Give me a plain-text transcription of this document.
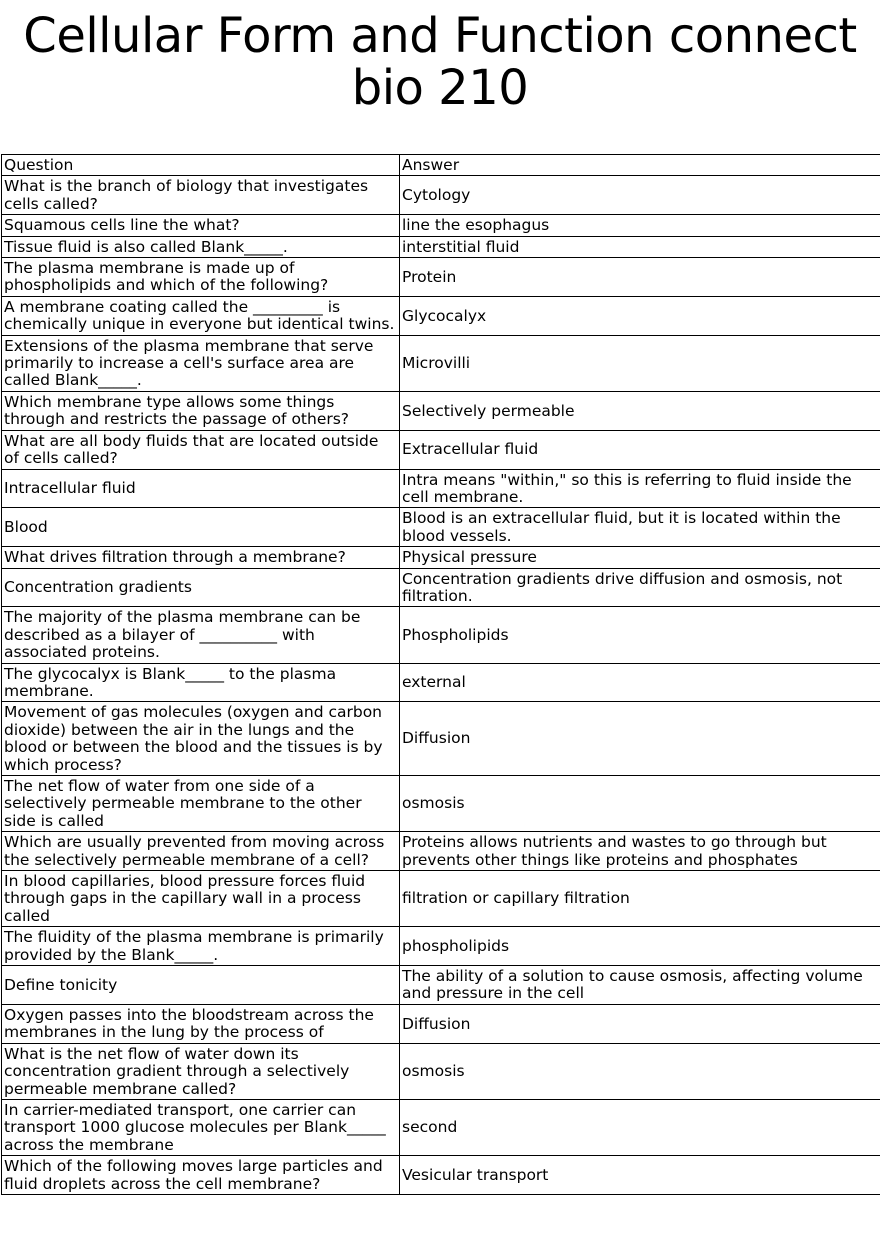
Cellular Form and Function connect
bio 210
Question	Answer
What is the branch of biology that investigates cells called?	Cytology
Squamous cells line the what?	line the esophagus
Tissue fluid is also called Blank_____.	interstitial fluid
The plasma membrane is made up of phospholipids and which of the following?	Protein
A membrane coating called the _________ is chemically unique in everyone but identical twins.	Glycocalyx
Extensions of the plasma membrane that serve primarily to increase a cell's surface area are called Blank_____.	Microvilli
Which membrane type allows some things through and restricts the passage of others?	Selectively permeable
What are all body fluids that are located outside of cells called?	Extracellular fluid
Intracellular fluid	Intra means "within," so this is referring to fluid inside the cell membrane.
Blood	Blood is an extracellular fluid, but it is located within the blood vessels.
What drives filtration through a membrane?	Physical pressure
Concentration gradients	Concentration gradients drive diffusion and osmosis, not filtration.
The majority of the plasma membrane can be described as a bilayer of __________ with associated proteins.	Phospholipids
The glycocalyx is Blank_____ to the plasma membrane.	external
Movement of gas molecules (oxygen and carbon dioxide) between the air in the lungs and the blood or between the blood and the tissues is by which process?	Diffusion
The net flow of water from one side of a selectively permeable membrane to the other side is called	osmosis
Which are usually prevented from moving across the selectively permeable membrane of a cell?	Proteins allows nutrients and wastes to go through but prevents other things like proteins and phosphates
In blood capillaries, blood pressure forces fluid through gaps in the capillary wall in a process called	filtration or capillary filtration
The fluidity of the plasma membrane is primarily provided by the Blank_____.	phospholipids
Define tonicity	The ability of a solution to cause osmosis, affecting volume and pressure in the cell
Oxygen passes into the bloodstream across the membranes in the lung by the process of	Diffusion
What is the net flow of water down its concentration gradient through a selectively permeable membrane called?	osmosis
In carrier-mediated transport, one carrier can transport 1000 glucose molecules per Blank_____ across the membrane	second
Which of the following moves large particles and fluid droplets across the cell membrane?	Vesicular transport
